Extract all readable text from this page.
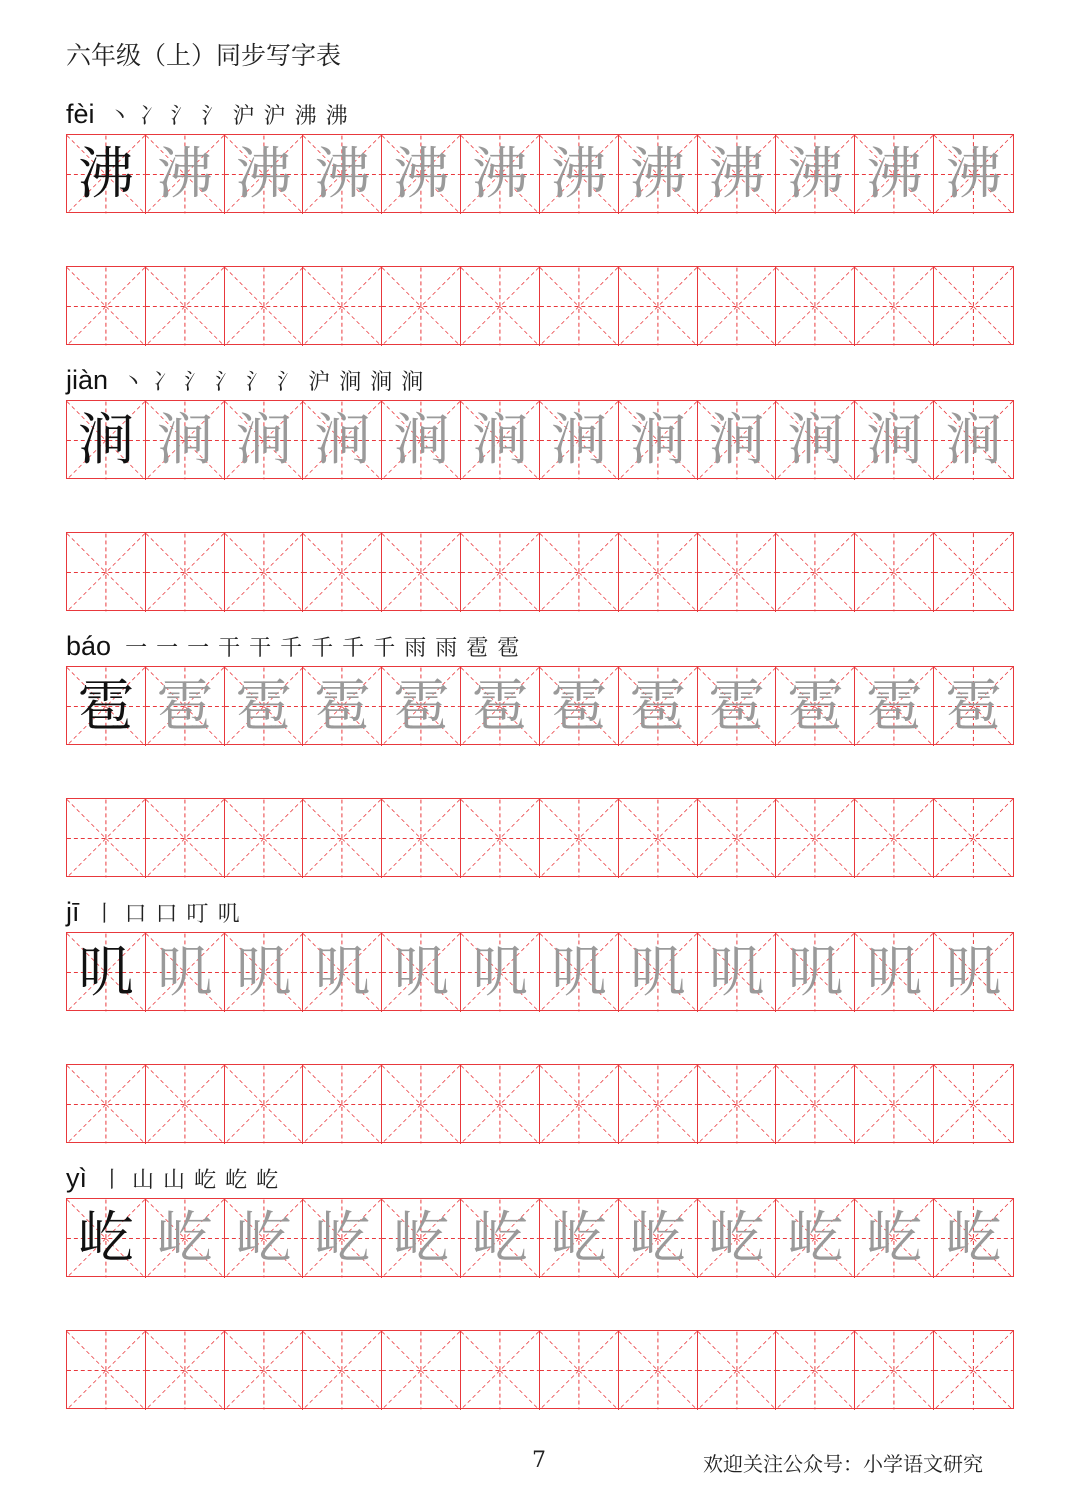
六年级（上）同步写字表
fèi 丶 冫 氵 氵 沪 沪 沸 沸
沸 沸 沸 沸 沸 沸 沸 沸 沸 沸 沸 沸
jiàn 丶 冫 氵 氵 氵 氵 沪 涧 涧 涧
涧 涧 涧 涧 涧 涧 涧 涧 涧 涧 涧 涧
báo 一 一 一 干 干 千 千 千 千 雨 雨 雹 雹
雹 雹 雹 雹 雹 雹 雹 雹 雹 雹 雹 雹
jī 丨 口 口 叮 叽
叽 叽 叽 叽 叽 叽 叽 叽 叽 叽 叽 叽
yì 丨 山 山 屹 屹 屹
屹 屹 屹 屹 屹 屹 屹 屹 屹 屹 屹 屹
7	欢迎关注公众号：小学语文研究
